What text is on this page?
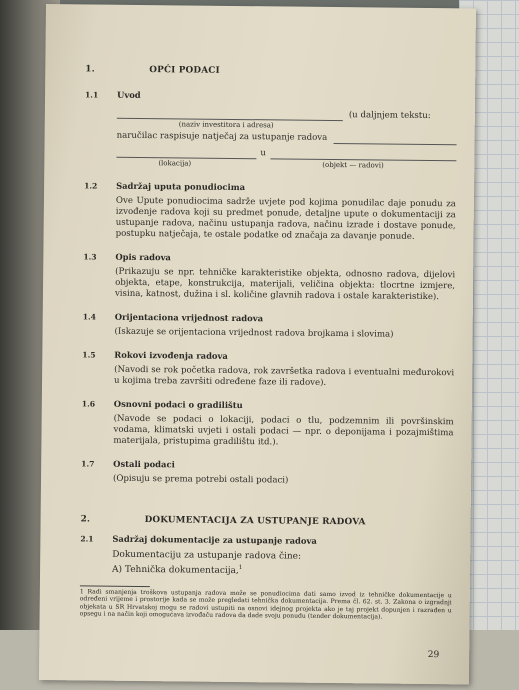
1.	OPĆI PODACI
1.1	Uvod
(u daljnjem tekstu:
(naziv investitora i adresa)
naručilac raspisuje natječaj za ustupanje radova
u
(lokacija)	(objekt — radovi)
1.2	Sadržaj uputa ponudiocima
Ove Upute ponudiocima sadrže uvjete pod kojima ponudilac daje ponudu za izvođenje radova koji su predmet ponude, detaljne upute o dokumentaciji za ustupanje radova, načinu ustupanja radova, načinu izrade i dostave ponude, postupku natječaja, te ostale podatke od značaja za davanje ponude.
1.3	Opis radova
(Prikazuju se npr. tehničke karakteristike objekta, odnosno radova, dijelovi objekta, etape, konstrukcija, materijali, veličina objekta: tlocrtne izmjere, visina, katnost, dužina i sl. količine glavnih radova i ostale karakteristike).
1.4	Orijentaciona vrijednost radova
(Iskazuje se orijentaciona vrijednost radova brojkama i slovima)
1.5	Rokovi izvođenja radova
(Navodi se rok početka radova, rok završetka radova i eventualni međurokovi u kojima treba završiti određene faze ili radove).
1.6	Osnovni podaci o gradilištu
(Navode se podaci o lokaciji, podaci o tlu, podzemnim ili površinskim vodama, klimatski uvjeti i ostali podaci — npr. o deponijama i pozajmištima materijala, pristupima gradilištu itd.).
1.7	Ostali podaci
(Opisuju se prema potrebi ostali podaci)
2.	DOKUMENTACIJA ZA USTUPANJE RADOVA
2.1	Sadržaj dokumentacije za ustupanje radova
Dokumentaciju za ustupanje radova čine:
A) Tehnička dokumentacija,$^1$
1 Radi smanjenja troškova ustupanja radova može se ponudiocima dati samo izvod iz tehničke dokumentacije u određeni vrijeme i prostorije kada se može pregledati tehnička dokumentacija. Prema čl. 62. st. 3. Zakona o izgradnji objekata u SR Hrvatskoj mogu se radovi ustupiti na osnovi idejnog projekta ako je taj projekt dopunjen i razrađen u opsegu i na način koji omogućava izvođaču radova da dade svoju ponudu (tender dokumentacija).
29
